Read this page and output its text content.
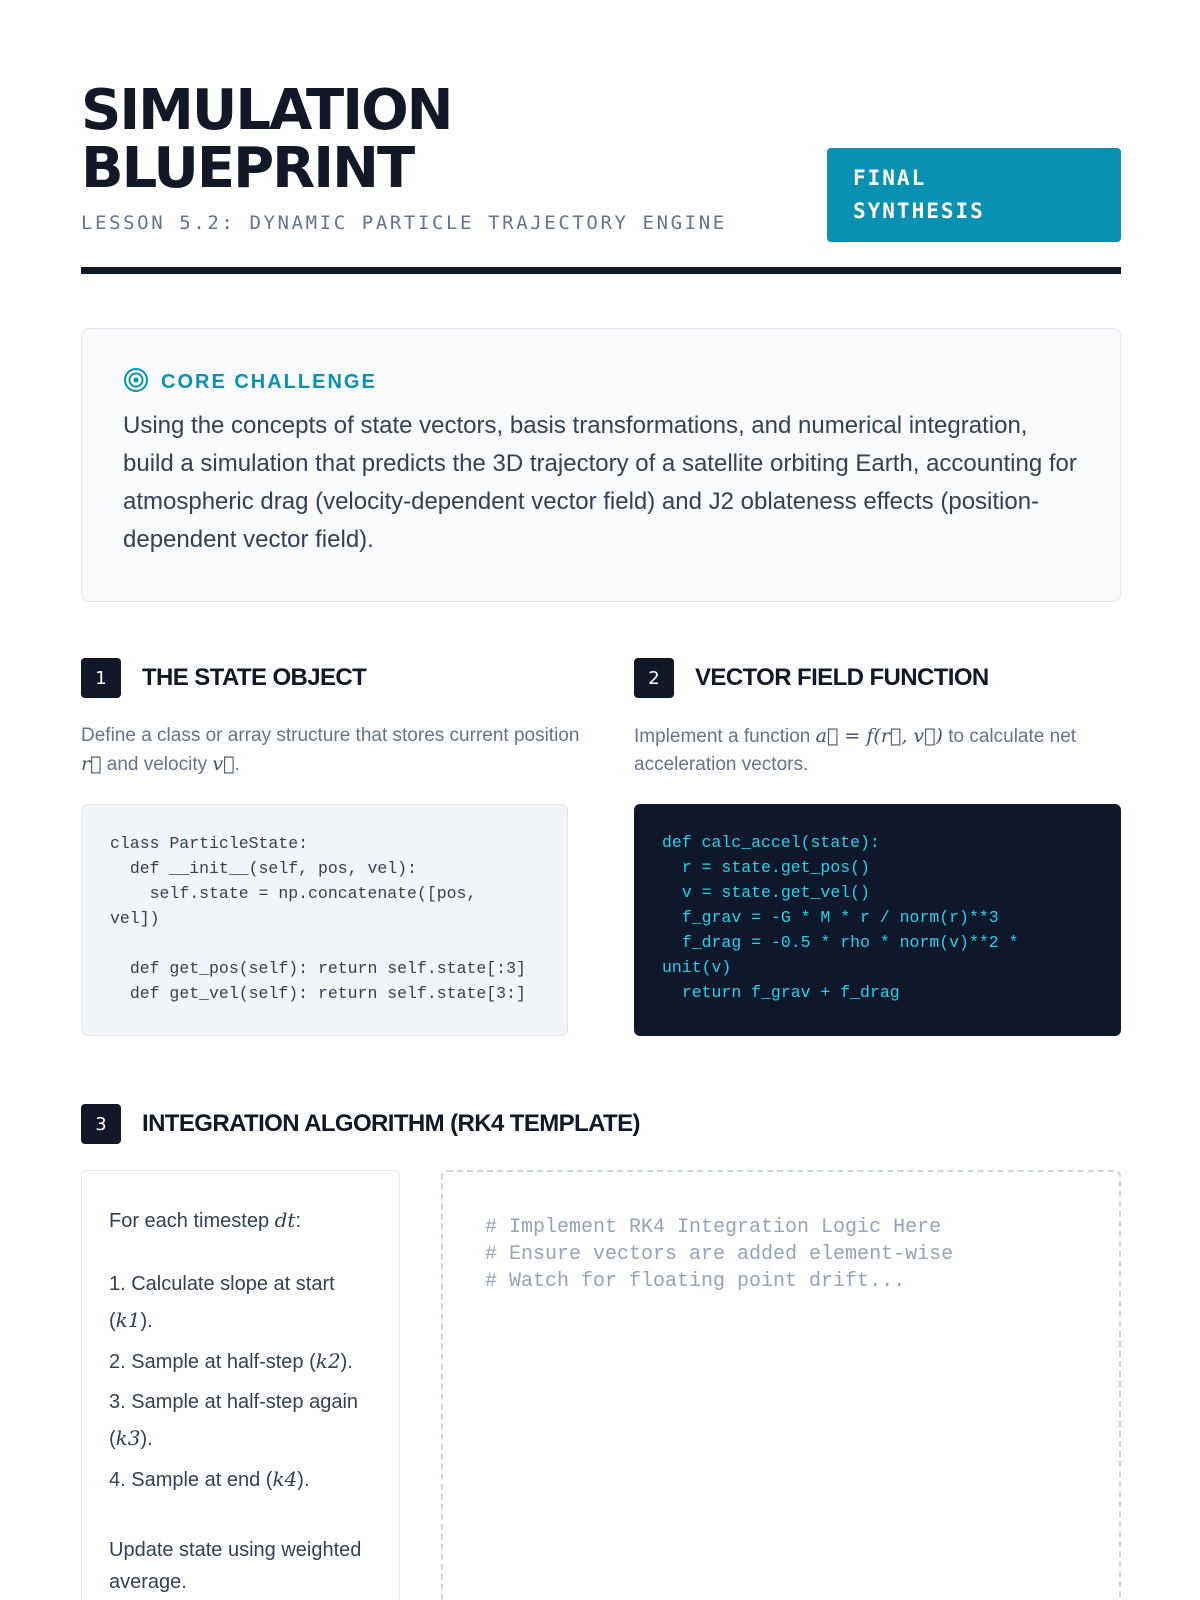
SIMULATION
BLUEPRINT
LESSON 5.2: DYNAMIC PARTICLE TRAJECTORY ENGINE
FINAL
SYNTHESIS
CORE CHALLENGE

Using the concepts of state vectors, basis transformations, and numerical integration, build a simulation that predicts the 3D trajectory of a satellite orbiting Earth, accounting for atmospheric drag (velocity-dependent vector field) and J2 oblateness effects (position-dependent vector field).

1	THE STATE OBJECT

Define a class or array structure that stores current position r⃗ and velocity v⃗.

class ParticleState:
def __init__(self, pos, vel):
self.state = np.concatenate([pos,
vel])

def get_pos(self): return self.state[:3]
def get_vel(self): return self.state[3:]
2	VECTOR FIELD FUNCTION

Implement a function a⃗ = f(r⃗, v⃗) to calculate net acceleration vectors.

def calc_accel(state):
r = state.get_pos()
v = state.get_vel()
f_grav = -G * M * r / norm(r)**3
f_drag = -0.5 * rho * norm(v)**2 *
unit(v)
return f_grav + f_drag
3	INTEGRATION ALGORITHM (RK4 TEMPLATE)

For each timestep dt:

1. Calculate slope at start (k1).
2. Sample at half-step (k2).
3. Sample at half-step again (k3).
4. Sample at end (k4).

Update state using weighted average.

# Implement RK4 Integration Logic Here
# Ensure vectors are added element-wise
# Watch for floating point drift...
